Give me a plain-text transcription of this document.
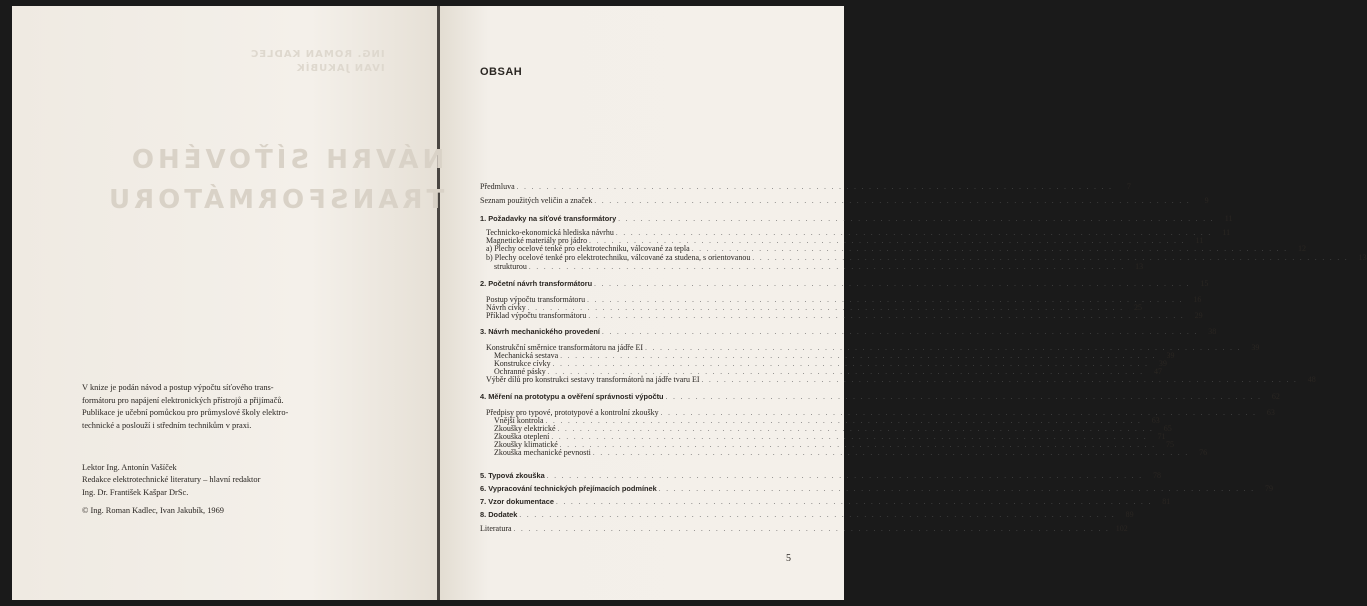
ING. ROMAN KADLEC
IVAN JAKUBÍK
NÁVRH SÍŤOVÉHO
TRANSFORMÁTORU
V knize je podán návod a postup výpočtu síťového trans-
formátoru pro napájení elektronických přístrojů a přijímačů.
Publikace je učební pomůckou pro průmyslové školy elektro-
technické a poslouží i středním technikům v praxi.
Lektor Ing. Antonín Vašíček
Redakce elektrotechnické literatury – hlavní redaktor
Ing. Dr. František Kašpar DrSc.
© Ing. Roman Kadlec, Ivan Jakubík, 1969
OBSAH
Předmluva . . . . . . . . . . . . . . . . . . . . . . . . . . . . . . . . . . . . . . . . . . . . . . . . . . . . . . . . . . . . . . . . . . . . . . . . . . . . . . . .	7
Seznam použitých veličin a značek . . . . . . . . . . . . . . . . . . . . . . . . . . . . . . . . . . . . . . . . . . . . . . . . . . . . . . . . . . . . . . . . . . . . . . . . . . . . . . . .	9
1. Požadavky na síťové transformátory . . . . . . . . . . . . . . . . . . . . . . . . . . . . . . . . . . . . . . . . . . . . . . . . . . . . . . . . . . . . . . . . . . . . . . . . . . . . . . . .	11
Technicko-ekonomická hlediska návrhu . . . . . . . . . . . . . . . . . . . . . . . . . . . . . . . . . . . . . . . . . . . . . . . . . . . . . . . . . . . . . . . . . . . . . . . . . . . . . . . .	11
Magnetické materiály pro jádro . . . . . . . . . . . . . . . . . . . . . . . . . . . . . . . . . . . . . . . . . . . . . . . . . . . . . . . . . . . . . . . . . . . . . . . . . . . . . . . .	11
a) Plechy ocelové tenké pro elektrotechniku, válcované za tepla . . . . . . . . . . . . . . . . . . . . . . . . . . . . . . . . . . . . . . . . . . . . . . . . . . . . . . . . . . . . . . . . . . . . . . . . . . . . . . . .	12
b) Plechy ocelové tenké pro elektrotechniku, válcované za studena, s orientovanou . . . . . . . . . . . . . . . . . . . . . . . . . . . . . . . . . . . . . . . . . . . . . . . . . . . . . . . . . . . . . . . . . . . . . . . . . . . . . . . .	13
strukturou . . . . . . . . . . . . . . . . . . . . . . . . . . . . . . . . . . . . . . . . . . . . . . . . . . . . . . . . . . . . . . . . . . . . . . . . . . . . . . . .	13
2. Početní návrh transformátoru . . . . . . . . . . . . . . . . . . . . . . . . . . . . . . . . . . . . . . . . . . . . . . . . . . . . . . . . . . . . . . . . . . . . . . . . . . . . . . . .	15
Postup výpočtu transformátoru . . . . . . . . . . . . . . . . . . . . . . . . . . . . . . . . . . . . . . . . . . . . . . . . . . . . . . . . . . . . . . . . . . . . . . . . . . . . . . . .	16
Návrh cívky . . . . . . . . . . . . . . . . . . . . . . . . . . . . . . . . . . . . . . . . . . . . . . . . . . . . . . . . . . . . . . . . . . . . . . . . . . . . . . . .	25
Příklad výpočtu transformátoru . . . . . . . . . . . . . . . . . . . . . . . . . . . . . . . . . . . . . . . . . . . . . . . . . . . . . . . . . . . . . . . . . . . . . . . . . . . . . . . .	29
3. Návrh mechanického provedení . . . . . . . . . . . . . . . . . . . . . . . . . . . . . . . . . . . . . . . . . . . . . . . . . . . . . . . . . . . . . . . . . . . . . . . . . . . . . . . .	38
Konstrukční směrnice transformátoru na jádře EI . . . . . . . . . . . . . . . . . . . . . . . . . . . . . . . . . . . . . . . . . . . . . . . . . . . . . . . . . . . . . . . . . . . . . . . . . . . . . . . .	39
Mechanická sestava . . . . . . . . . . . . . . . . . . . . . . . . . . . . . . . . . . . . . . . . . . . . . . . . . . . . . . . . . . . . . . . . . . . . . . . . . . . . . . . .	39
Konstrukce cívky . . . . . . . . . . . . . . . . . . . . . . . . . . . . . . . . . . . . . . . . . . . . . . . . . . . . . . . . . . . . . . . . . . . . . . . . . . . . . . . .	39
Ochranné pásky . . . . . . . . . . . . . . . . . . . . . . . . . . . . . . . . . . . . . . . . . . . . . . . . . . . . . . . . . . . . . . . . . . . . . . . . . . . . . . . .	47
Výběr dílů pro konstrukci sestavy transformátorů na jádře tvaru EI . . . . . . . . . . . . . . . . . . . . . . . . . . . . . . . . . . . . . . . . . . . . . . . . . . . . . . . . . . . . . . . . . . . . . . . . . . . . . . . .	48
4. Měření na prototypu a ověření správnosti výpočtu . . . . . . . . . . . . . . . . . . . . . . . . . . . . . . . . . . . . . . . . . . . . . . . . . . . . . . . . . . . . . . . . . . . . . . . . . . . . . . . .	62
Předpisy pro typové, prototypové a kontrolní zkoušky . . . . . . . . . . . . . . . . . . . . . . . . . . . . . . . . . . . . . . . . . . . . . . . . . . . . . . . . . . . . . . . . . . . . . . . . . . . . . . . .	63
Vnější kontrola . . . . . . . . . . . . . . . . . . . . . . . . . . . . . . . . . . . . . . . . . . . . . . . . . . . . . . . . . . . . . . . . . . . . . . . . . . . . . . . .	63
Zkoušky elektrické . . . . . . . . . . . . . . . . . . . . . . . . . . . . . . . . . . . . . . . . . . . . . . . . . . . . . . . . . . . . . . . . . . . . . . . . . . . . . . . .	65
Zkouška oteplení . . . . . . . . . . . . . . . . . . . . . . . . . . . . . . . . . . . . . . . . . . . . . . . . . . . . . . . . . . . . . . . . . . . . . . . . . . . . . . . .	71
Zkoušky klimatické . . . . . . . . . . . . . . . . . . . . . . . . . . . . . . . . . . . . . . . . . . . . . . . . . . . . . . . . . . . . . . . . . . . . . . . . . . . . . . . .	75
Zkouška mechanické pevnosti . . . . . . . . . . . . . . . . . . . . . . . . . . . . . . . . . . . . . . . . . . . . . . . . . . . . . . . . . . . . . . . . . . . . . . . . . . . . . . . .	76
5. Typová zkouška . . . . . . . . . . . . . . . . . . . . . . . . . . . . . . . . . . . . . . . . . . . . . . . . . . . . . . . . . . . . . . . . . . . . . . . . . . . . . . . .	78
6. Vypracování technických přejímacích podmínek . . . . . . . . . . . . . . . . . . . . . . . . . . . . . . . . . . . . . . . . . . . . . . . . . . . . . . . . . . . . . . . . . . . . . . . . . . . . . . . .	79
7. Vzor dokumentace . . . . . . . . . . . . . . . . . . . . . . . . . . . . . . . . . . . . . . . . . . . . . . . . . . . . . . . . . . . . . . . . . . . . . . . . . . . . . . . .	81
8. Dodatek . . . . . . . . . . . . . . . . . . . . . . . . . . . . . . . . . . . . . . . . . . . . . . . . . . . . . . . . . . . . . . . . . . . . . . . . . . . . . . . .	89
Literatura . . . . . . . . . . . . . . . . . . . . . . . . . . . . . . . . . . . . . . . . . . . . . . . . . . . . . . . . . . . . . . . . . . . . . . . . . . . . . . . . 102
5
